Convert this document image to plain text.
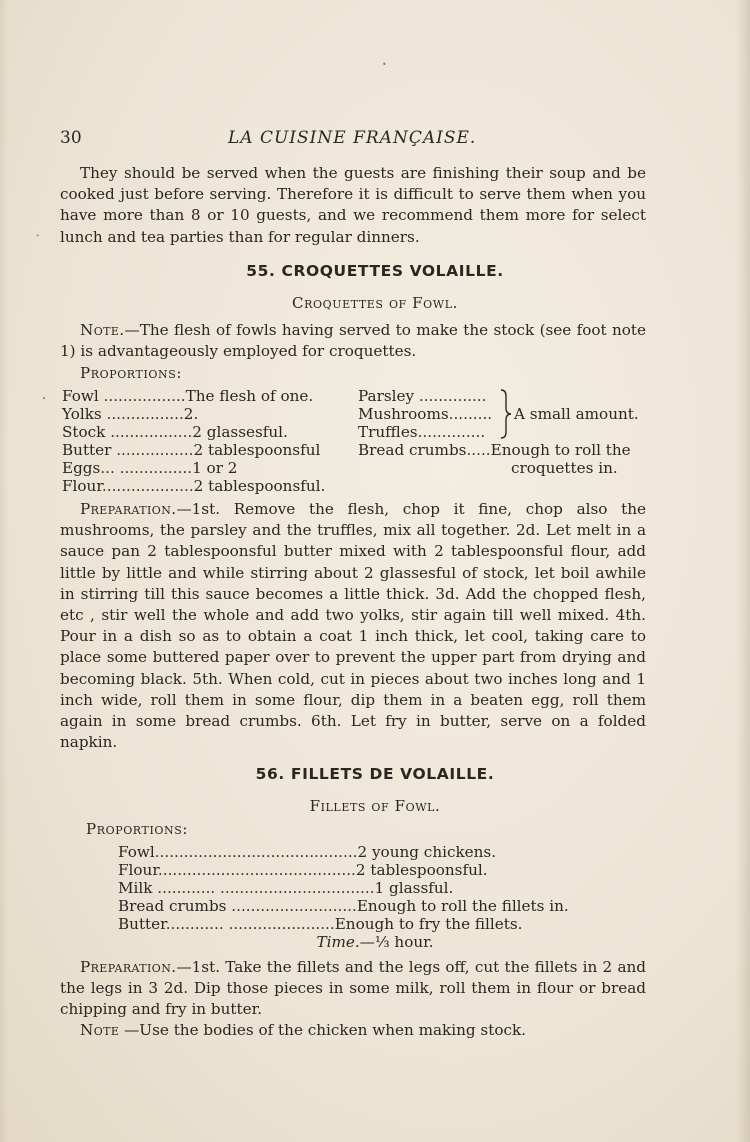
30	LA CUISINE FRANÇAISE.

They should be served when the guests are finishing their soup and be cooked just before serving. Therefore it is difficult to serve them when you have more than 8 or 10 guests, and we recommend them more for select lunch and tea parties than for regular dinners.

55. CROQUETTES VOLAILLE.
Croquettes of Fowl.

Note.—The flesh of fowls having served to make the stock (see foot note 1) is advantageously employed for croquettes.

Proportions:
Fowl .................The flesh of one.
Yolks ................2.
Stock .................2 glassesful.
Butter ................2 tablespoonsful
Eggs... ...............1 or 2
Flour...................2 tablespoonsful.
Parsley ..............
Mushrooms.........
Truffles..............
A small amount.
Bread crumbs.....Enough to roll the
croquettes in.

Preparation.—1st. Remove the flesh, chop it fine, chop also the mushrooms, the parsley and the truffles, mix all together. 2d. Let melt in a sauce pan 2 tablespoonsful butter mixed with 2 tablespoonsful flour, add little by little and while stirring about 2 glassesful of stock, let boil awhile in stirring till this sauce becomes a little thick. 3d. Add the chopped flesh, etc , stir well the whole and add two yolks, stir again till well mixed. 4th. Pour in a dish so as to obtain a coat 1 inch thick, let cool, taking care to place some buttered paper over to prevent the upper part from drying and becoming black. 5th. When cold, cut in pieces about two inches long and 1 inch wide, roll them in some flour, dip them in a beaten egg, roll them again in some bread crumbs. 6th. Let fry in butter, serve on a folded napkin.

56. FILLETS DE VOLAILLE.
Fillets of Fowl.
Proportions:
Fowl..........................................2 young chickens.
Flour.........................................2 tablespoonsful.
Milk ............ ................................1 glassful.
Bread crumbs ..........................Enough to roll the fillets in.
Butter............ ......................Enough to fry the fillets.
Time.—⅓ hour.

Preparation.—1st. Take the fillets and the legs off, cut the fillets in 2 and the legs in 3 2d. Dip those pieces in some milk, roll them in flour or bread chipping and fry in butter.

Note —Use the bodies of the chicken when making stock.

•
•
•
